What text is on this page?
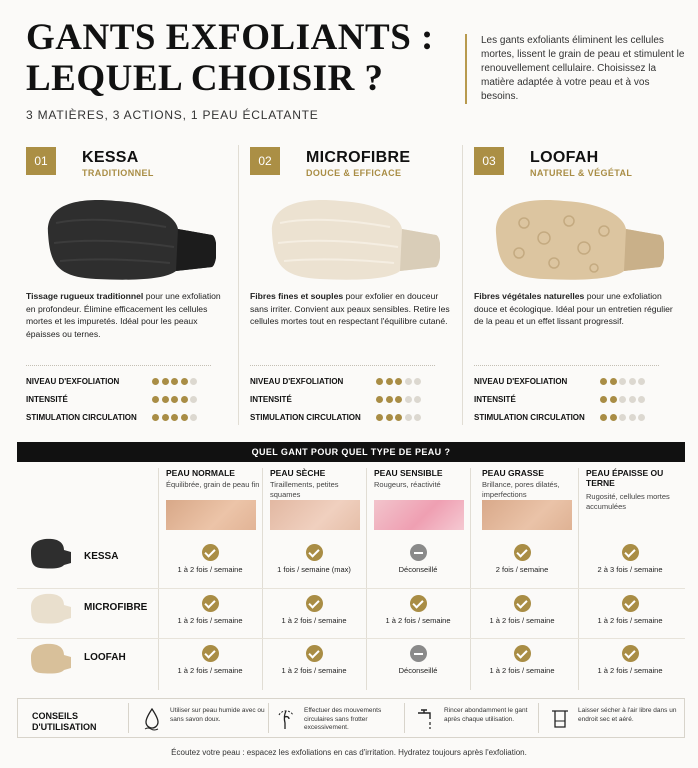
GANTS EXFOLIANTS :
LEQUEL CHOISIR ?
3 MATIÈRES, 3 ACTIONS, 1 PEAU ÉCLATANTE
Les gants exfoliants éliminent les cellules mortes, lissent le grain de peau et stimulent le renouvellement cellulaire. Choisissez la matière adaptée à votre peau et à vos besoins.
01	KESSA
TRADITIONNEL
Tissage rugueux traditionnel pour une exfoliation en profondeur. Élimine efficacement les cellules mortes et les impuretés. Idéal pour les peaux épaisses ou ternes.
NIVEAU D'EXFOLIATION
INTENSITÉ
STIMULATION CIRCULATION
02	MICROFIBRE
DOUCE & EFFICACE
Fibres fines et souples pour exfolier en douceur sans irriter. Convient aux peaux sensibles. Retire les cellules mortes tout en respectant l'équilibre cutané.
NIVEAU D'EXFOLIATION
INTENSITÉ
STIMULATION CIRCULATION
03	LOOFAH
NATUREL & VÉGÉTAL
Fibres végétales naturelles pour une exfoliation douce et écologique. Idéal pour un entretien régulier de la peau et un effet lissant progressif.
NIVEAU D'EXFOLIATION
INTENSITÉ
STIMULATION CIRCULATION
QUEL GANT POUR QUEL TYPE DE PEAU ?
PEAU NORMALE
Équilibrée, grain de peau fin
PEAU SÈCHE
Tiraillements, petites squames
PEAU SENSIBLE
Rougeurs, réactivité
PEAU GRASSE
Brillance, pores dilatés, imperfections
PEAU ÉPAISSE OU TERNE
Rugosité, cellules mortes accumulées
KESSA
MICROFIBRE
LOOFAH
1 à 2 fois / semaine	1 fois / semaine (max)	Déconseillé	2 fois / semaine	2 à 3 fois / semaine
1 à 2 fois / semaine	1 à 2 fois / semaine	1 à 2 fois / semaine	1 à 2 fois / semaine	1 à 2 fois / semaine
1 à 2 fois / semaine	1 à 2 fois / semaine	Déconseillé	1 à 2 fois / semaine	1 à 2 fois / semaine
CONSEILS D'UTILISATION
Utiliser sur peau humide avec ou sans savon doux.
Effectuer des mouvements circulaires sans frotter excessivement.
Rincer abondamment le gant après chaque utilisation.
Laisser sécher à l'air libre dans un endroit sec et aéré.
Écoutez votre peau : espacez les exfoliations en cas d'irritation. Hydratez toujours après l'exfoliation.
